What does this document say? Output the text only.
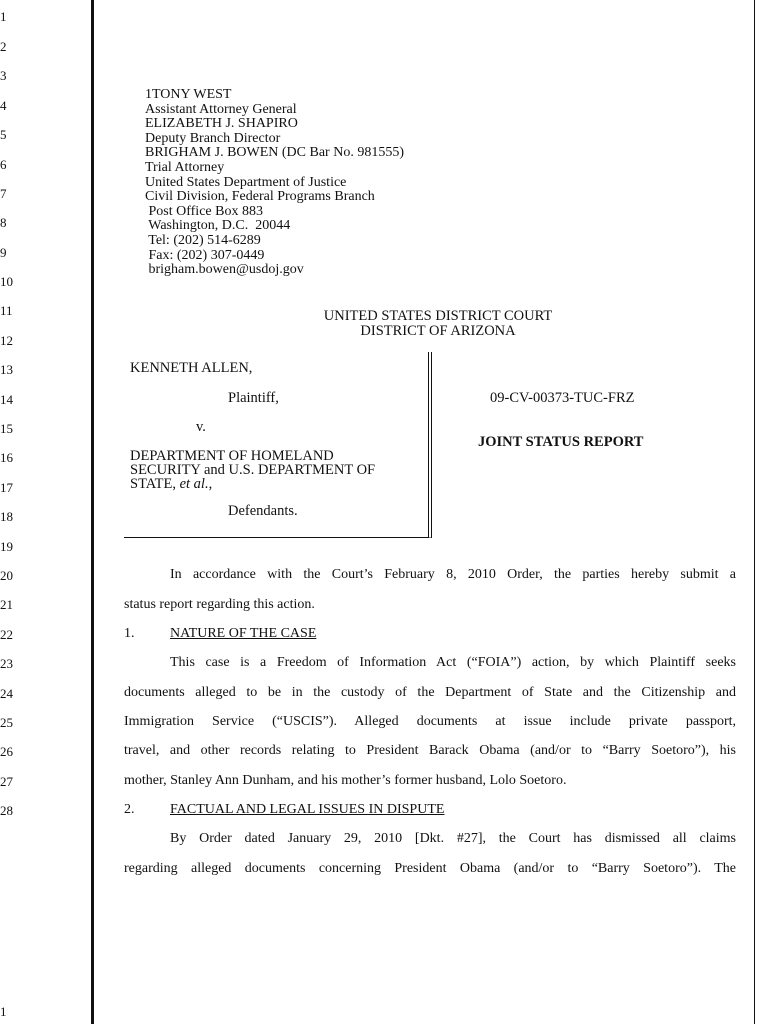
1
2
3
4
5
6
7
8
9
10
11
12
13
14
15
16
17
18
19
20
21
22
23
24
25
26
27
28
1
1TONY WEST
Assistant Attorney General
ELIZABETH J. SHAPIRO
Deputy Branch Director
BRIGHAM J. BOWEN (DC Bar No. 981555)
Trial Attorney
United States Department of Justice
Civil Division, Federal Programs Branch
Post Office Box 883
Washington, D.C.  20044
Tel: (202) 514-6289
Fax: (202) 307-0449
brigham.bowen@usdoj.gov
UNITED STATES DISTRICT COURT
DISTRICT OF ARIZONA
KENNETH ALLEN,
Plaintiff,
v.
DEPARTMENT OF HOMELAND
SECURITY and U.S. DEPARTMENT OF
STATE, et al.,
Defendants.
09-CV-00373-TUC-FRZ
JOINT STATUS REPORT
In accordance with the Court’s February 8, 2010 Order, the parties hereby submit a
status report regarding this action.
1.	NATURE OF THE CASE
This case is a Freedom of Information Act (“FOIA”) action, by which Plaintiff seeks
documents alleged to be in the custody of the Department of State and the Citizenship and
Immigration Service (“USCIS”). Alleged documents at issue include private passport,
travel, and other records relating to President Barack Obama (and/or to “Barry Soetoro”), his
mother, Stanley Ann Dunham, and his mother’s former husband, Lolo Soetoro.
2.	FACTUAL AND LEGAL ISSUES IN DISPUTE
By Order dated January 29, 2010 [Dkt. #27], the Court has dismissed all claims
regarding alleged documents concerning President Obama (and/or to “Barry Soetoro”). The
